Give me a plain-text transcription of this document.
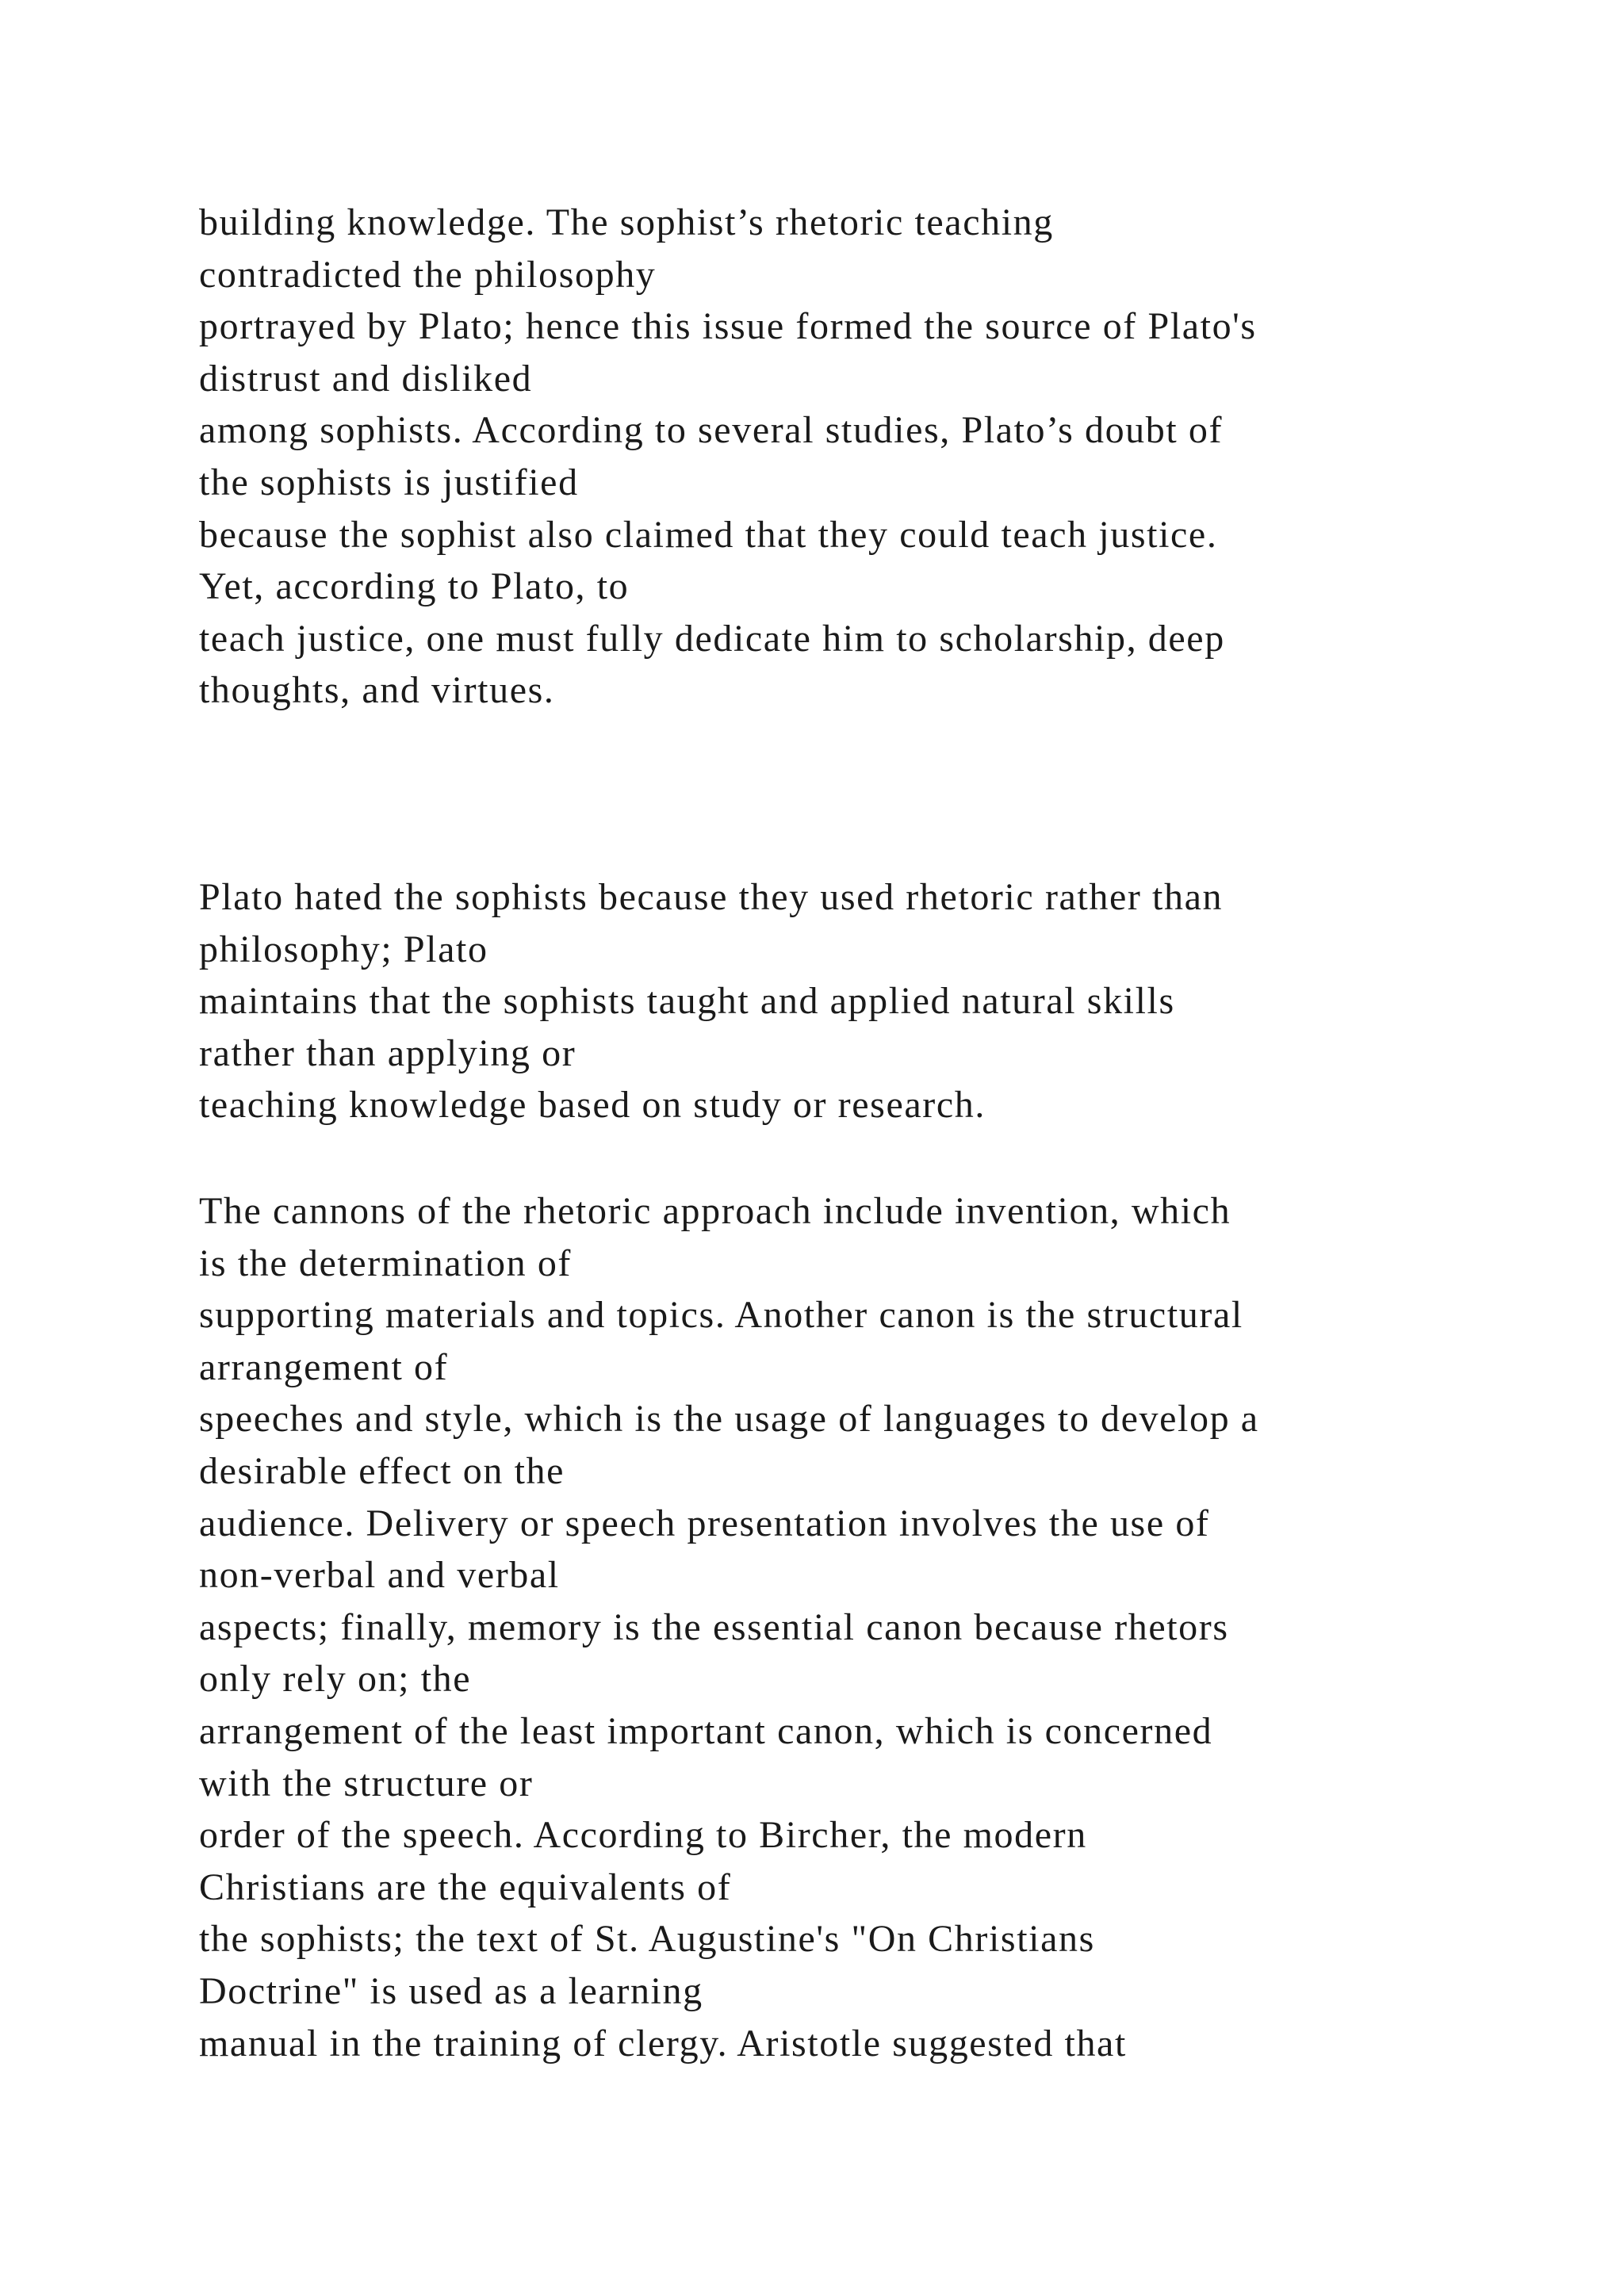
building knowledge. The sophist’s rhetoric teaching
contradicted the philosophy
portrayed by Plato; hence this issue formed the source of Plato's
distrust and disliked
among sophists. According to several studies, Plato’s doubt of
the sophists is justified
because the sophist also claimed that they could teach justice.
Yet, according to Plato, to
teach justice, one must fully dedicate him to scholarship, deep
thoughts, and virtues.
Plato hated the sophists because they used rhetoric rather than
philosophy; Plato
maintains that the sophists taught and applied natural skills
rather than applying or
teaching knowledge based on study or research.
The cannons of the rhetoric approach include invention, which
is the determination of
supporting materials and topics. Another canon is the structural
arrangement of
speeches and style, which is the usage of languages to develop a
desirable effect on the
audience. Delivery or speech presentation involves the use of
non-verbal and verbal
aspects; finally, memory is the essential canon because rhetors
only rely on; the
arrangement of the least important canon, which is concerned
with the structure or
order of the speech. According to Bircher, the modern
Christians are the equivalents of
the sophists; the text of St. Augustine's "On Christians
Doctrine" is used as a learning
manual in the training of clergy. Aristotle suggested that
